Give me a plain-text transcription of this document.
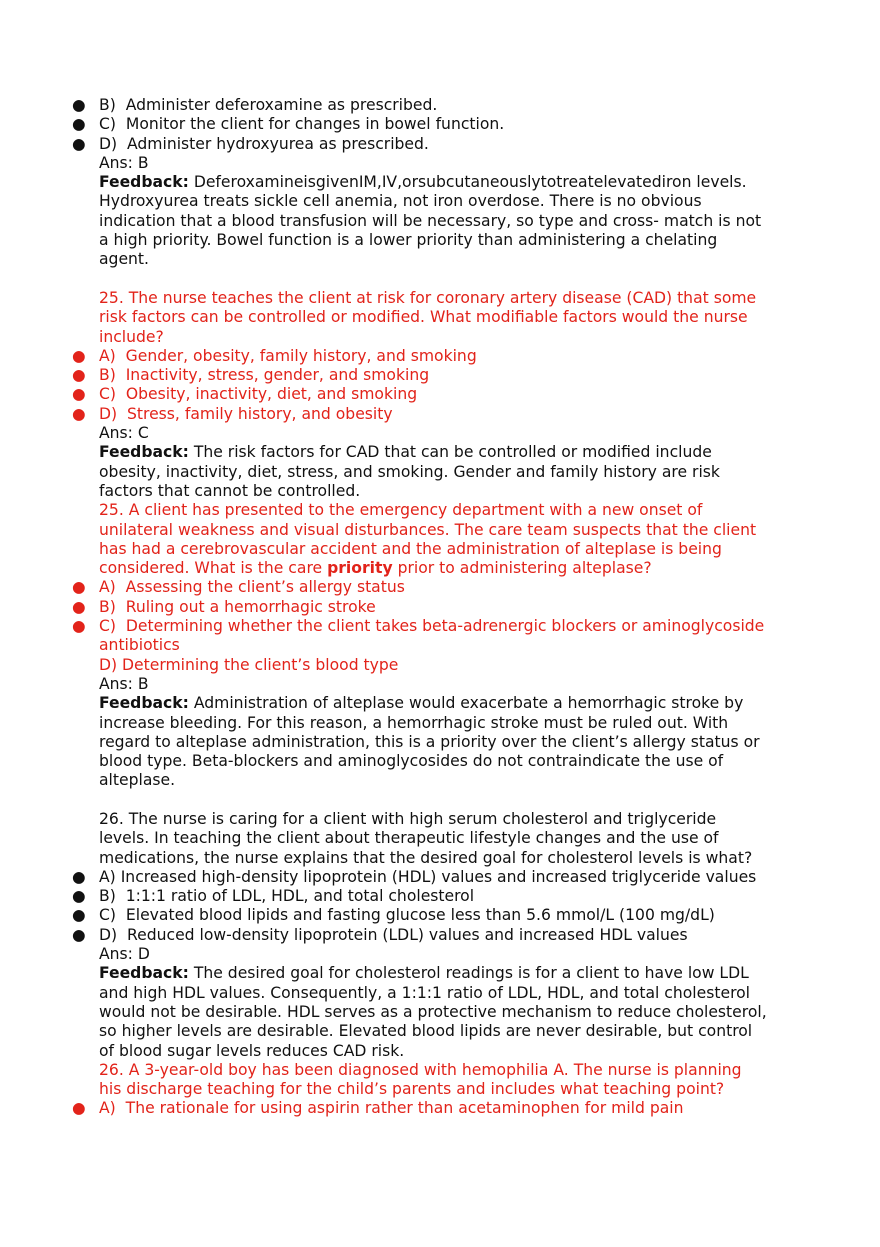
● B)  Administer deferoxamine as prescribed.
● C)  Monitor the client for changes in bowel function.
● D)  Administer hydroxyurea as prescribed.
Ans: B
Feedback: DeferoxamineisgivenIM,IV,orsubcutaneouslytotreatelevatediron levels.
Hydroxyurea treats sickle cell anemia, not iron overdose. There is no obvious
indication that a blood transfusion will be necessary, so type and cross- match is not
a high priority. Bowel function is a lower priority than administering a chelating
agent.
25. The nurse teaches the client at risk for coronary artery disease (CAD) that some
risk factors can be controlled or modified. What modifiable factors would the nurse
include?
● A)  Gender, obesity, family history, and smoking
● B)  Inactivity, stress, gender, and smoking
● C)  Obesity, inactivity, diet, and smoking
● D)  Stress, family history, and obesity
Ans: C
Feedback: The risk factors for CAD that can be controlled or modified include
obesity, inactivity, diet, stress, and smoking. Gender and family history are risk
factors that cannot be controlled.
25. A client has presented to the emergency department with a new onset of
unilateral weakness and visual disturbances. The care team suspects that the client
has had a cerebrovascular accident and the administration of alteplase is being
considered. What is the care priority prior to administering alteplase?
● A)  Assessing the client’s allergy status
● B)  Ruling out a hemorrhagic stroke
● C)  Determining whether the client takes beta-adrenergic blockers or aminoglycoside
antibiotics
D) Determining the client’s blood type
Ans: B
Feedback: Administration of alteplase would exacerbate a hemorrhagic stroke by
increase bleeding. For this reason, a hemorrhagic stroke must be ruled out. With
regard to alteplase administration, this is a priority over the client’s allergy status or
blood type. Beta-blockers and aminoglycosides do not contraindicate the use of
alteplase.
26. The nurse is caring for a client with high serum cholesterol and triglyceride
levels. In teaching the client about therapeutic lifestyle changes and the use of
medications, the nurse explains that the desired goal for cholesterol levels is what?
● A) Increased high-density lipoprotein (HDL) values and increased triglyceride values
● B)  1:1:1 ratio of LDL, HDL, and total cholesterol
● C)  Elevated blood lipids and fasting glucose less than 5.6 mmol/L (100 mg/dL)
● D)  Reduced low-density lipoprotein (LDL) values and increased HDL values
Ans: D
Feedback: The desired goal for cholesterol readings is for a client to have low LDL
and high HDL values. Consequently, a 1:1:1 ratio of LDL, HDL, and total cholesterol
would not be desirable. HDL serves as a protective mechanism to reduce cholesterol,
so higher levels are desirable. Elevated blood lipids are never desirable, but control
of blood sugar levels reduces CAD risk.
26. A 3-year-old boy has been diagnosed with hemophilia A. The nurse is planning
his discharge teaching for the child’s parents and includes what teaching point?
● A)  The rationale for using aspirin rather than acetaminophen for mild pain
